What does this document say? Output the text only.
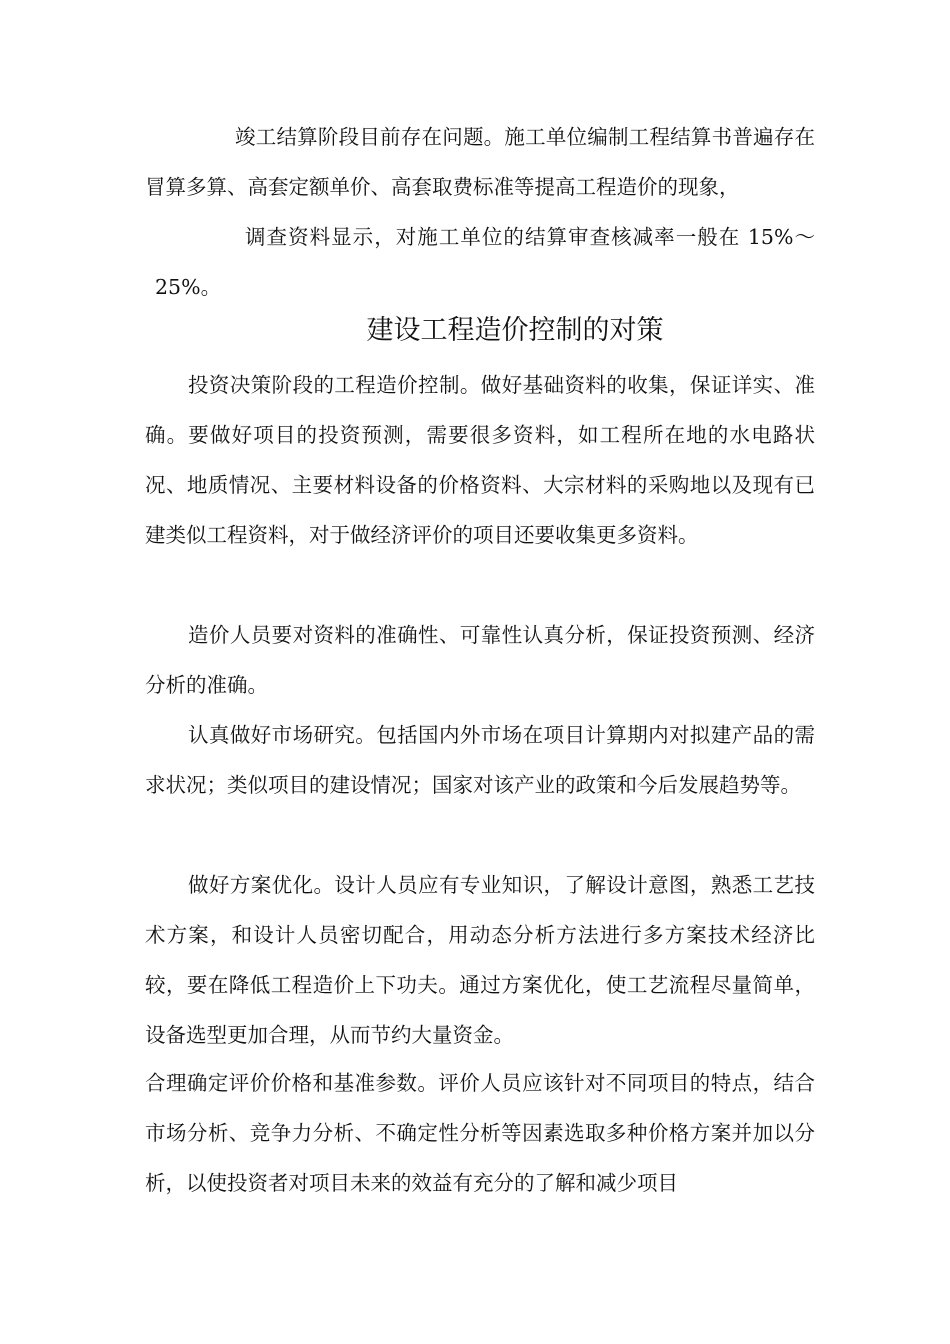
竣工结算阶段目前存在问题。施工单位编制工程结算书普遍存在冒算多算、高套定额单价、高套取费标准等提高工程造价的现象，
调查资料显示，对施工单位的结算审查核减率一般在 15%～25%。

建设工程造价控制的对策

投资决策阶段的工程造价控制。做好基础资料的收集，保证详实、准确。要做好项目的投资预测，需要很多资料，如工程所在地的水电路状况、地质情况、主要材料设备的价格资料、大宗材料的采购地以及现有已建类似工程资料，对于做经济评价的项目还要收集更多资料。

造价人员要对资料的准确性、可靠性认真分析，保证投资预测、经济分析的准确。

认真做好市场研究。包括国内外市场在项目计算期内对拟建产品的需求状况；类似项目的建设情况；国家对该产业的政策和今后发展趋势等。

做好方案优化。设计人员应有专业知识，了解设计意图，熟悉工艺技术方案，和设计人员密切配合，用动态分析方法进行多方案技术经济比较，要在降低工程造价上下功夫。通过方案优化，使工艺流程尽量简单，设备选型更加合理，从而节约大量资金。

合理确定评价价格和基准参数。评价人员应该针对不同项目的特点，结合市场分析、竞争力分析、不确定性分析等因素选取多种价格方案并加以分析，以使投资者对项目未来的效益有充分的了解和减少项目
